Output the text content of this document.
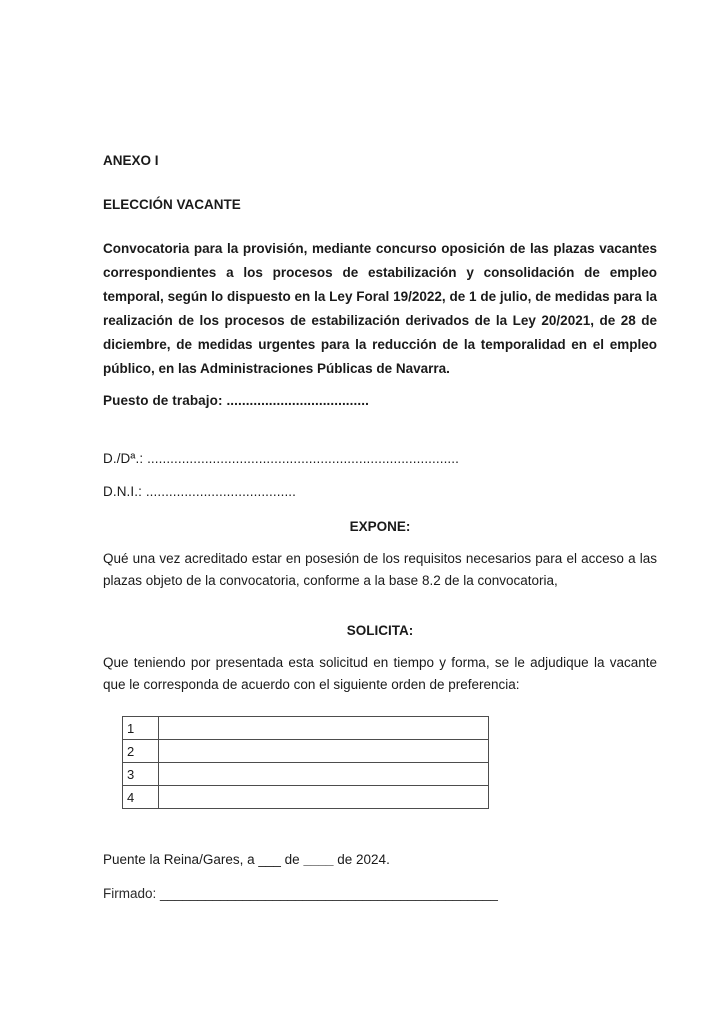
ANEXO I

ELECCIÓN VACANTE

Convocatoria para la provisión, mediante concurso oposición de las plazas vacantes correspondientes a los procesos de estabilización y consolidación de empleo temporal, según lo dispuesto en la Ley Foral 19/2022, de 1 de julio, de medidas para la realización de los procesos de estabilización derivados de la Ley 20/2021, de 28 de diciembre, de medidas urgentes para la reducción de la temporalidad en el empleo público, en las Administraciones Públicas de Navarra.

Puesto de trabajo: .....................................

D./Dª.: .................................................................................

D.N.I.: .......................................

EXPONE:

Qué una vez acreditado estar en posesión de los requisitos necesarios para el acceso a las plazas objeto de la convocatoria, conforme a la base 8.2 de la convocatoria,

SOLICITA:

Que teniendo por presentada esta solicitud en tiempo y forma, se le adjudique la vacante que le corresponda de acuerdo con el siguiente orden de preferencia:

1	
2	
3	
4	

Puente la Reina/Gares, a ___ de ____ de 2024.

Firmado: _____________________________________________
